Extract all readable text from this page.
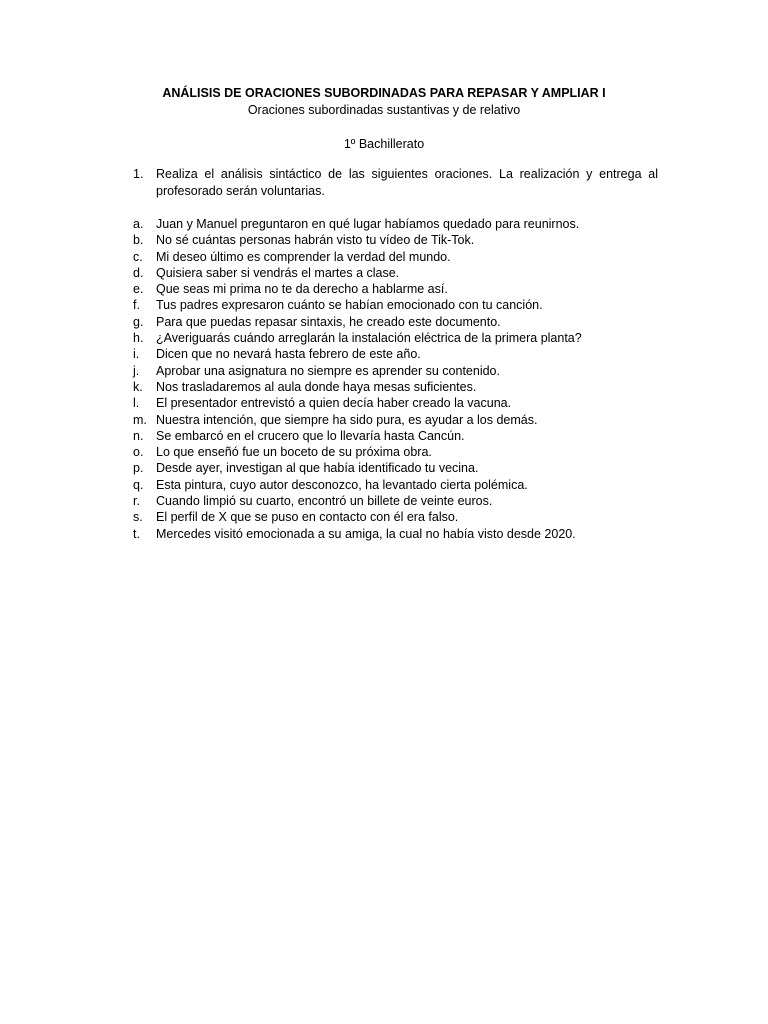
ANÁLISIS DE ORACIONES SUBORDINADAS PARA REPASAR Y AMPLIAR I

Oraciones subordinadas sustantivas y de relativo

1º Bachillerato

1.	Realiza el análisis sintáctico de las siguientes oraciones. La realización y entrega al profesorado serán voluntarias.
a.	Juan y Manuel preguntaron en qué lugar habíamos quedado para reunirnos.
b.	No sé cuántas personas habrán visto tu vídeo de Tik-Tok.
c.	Mi deseo último es comprender la verdad del mundo.
d.	Quisiera saber si vendrás el martes a clase.
e.	Que seas mi prima no te da derecho a hablarme así.
f.	Tus padres expresaron cuánto se habían emocionado con tu canción.
g.	Para que puedas repasar sintaxis, he creado este documento.
h.	¿Averiguarás cuándo arreglarán la instalación eléctrica de la primera planta?
i.	Dicen que no nevará hasta febrero de este año.
j.	Aprobar una asignatura no siempre es aprender su contenido.
k.	Nos trasladaremos al aula donde haya mesas suficientes.
l.	El presentador entrevistó a quien decía haber creado la vacuna.
m. Nuestra intención, que siempre ha sido pura, es ayudar a los demás.
n.	Se embarcó en el crucero que lo llevaría hasta Cancún.
o.	Lo que enseñó fue un boceto de su próxima obra.
p.	Desde ayer, investigan al que había identificado tu vecina.
q.	Esta pintura, cuyo autor desconozco, ha levantado cierta polémica.
r.	Cuando limpió su cuarto, encontró un billete de veinte euros.
s.	El perfil de X que se puso en contacto con él era falso.
t.	Mercedes visitó emocionada a su amiga, la cual no había visto desde 2020.
